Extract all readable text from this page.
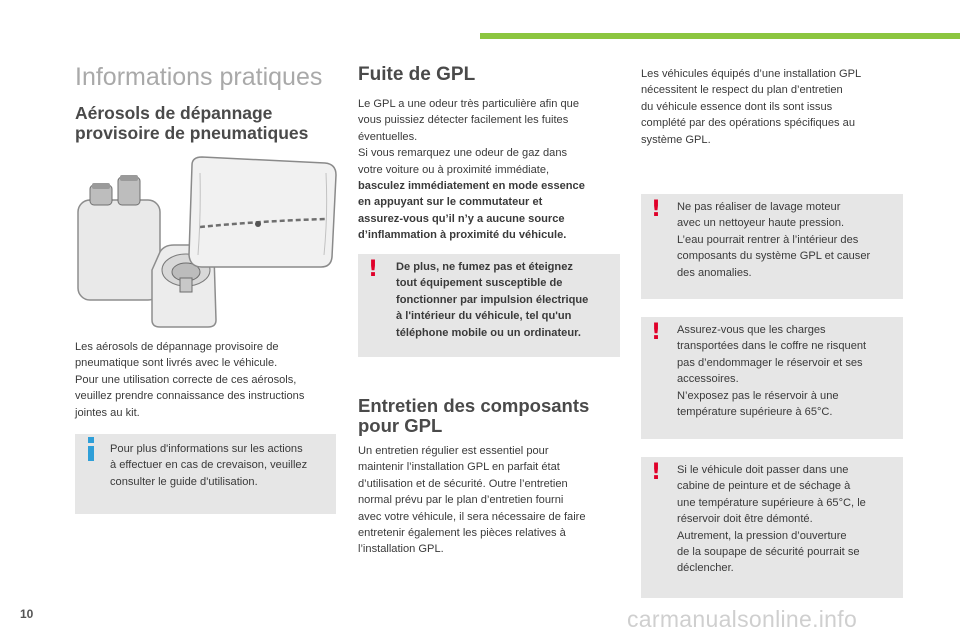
Informations pratiques
Aérosols de dépannage provisoire de pneumatiques

Les aérosols de dépannage provisoire de

pneumatique sont livrés avec le véhicule.

Pour une utilisation correcte de ces aérosols,

veuillez prendre connaissance des instructions

jointes au kit.

Pour plus d'informations sur les actions
à effectuer en cas de crevaison, veuillez
consulter le guide d'utilisation.
Fuite de GPL

Le GPL a une odeur très particulière afin que

vous puissiez détecter facilement les fuites

éventuelles.

Si vous remarquez une odeur de gaz dans

votre voiture ou à proximité immédiate,

basculez immédiatement en mode essence

en appuyant sur le commutateur et

assurez-vous qu’il n’y a aucune source

d’inflammation à proximité du véhicule.

! De plus, ne fumez pas et éteignez
tout équipement susceptible de
fonctionner par impulsion électrique
à l'intérieur du véhicule, tel qu'un
téléphone mobile ou un ordinateur.
Entretien des composants pour GPL

Un entretien régulier est essentiel pour

maintenir l’installation GPL en parfait état

d’utilisation et de sécurité. Outre l’entretien

normal prévu par le plan d’entretien fourni

avec votre véhicule, il sera nécessaire de faire

entretenir également les pièces relatives à

l’installation GPL.

Les véhicules équipés d’une installation GPL

nécessitent le respect du plan d’entretien

du véhicule essence dont ils sont issus

complété par des opérations spécifiques au

système GPL.

! Ne pas réaliser de lavage moteur
avec un nettoyeur haute pression.
L’eau pourrait rentrer à l’intérieur des
composants du système GPL et causer
des anomalies.
! Assurez-vous que les charges
transportées dans le coffre ne risquent
pas d’endommager le réservoir et ses
accessoires.
N’exposez pas le réservoir à une
température supérieure à 65°C.
! Si le véhicule doit passer dans une
cabine de peinture et de séchage à
une température supérieure à 65°C, le
réservoir doit être démonté.
Autrement, la pression d’ouverture
de la soupape de sécurité pourrait se
déclencher.
10	carmanualsonline.info
